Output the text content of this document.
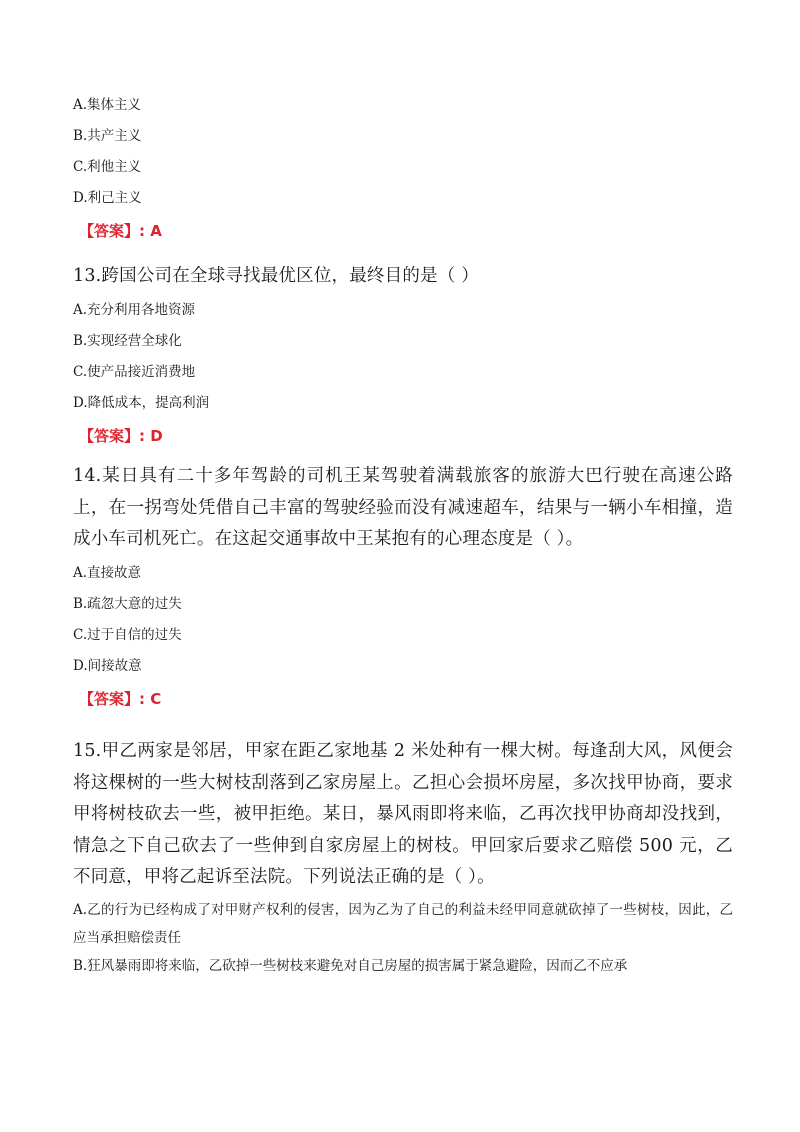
A.集体主义
B.共产主义
C.利他主义
D.利己主义
【答案】: A
13.跨国公司在全球寻找最优区位，最终目的是（ ）
A.充分利用各地资源
B.实现经营全球化
C.使产品接近消费地
D.降低成本，提高利润
【答案】: D
14.某日具有二十多年驾龄的司机王某驾驶着满载旅客的旅游大巴行驶在高速公路上，在一拐弯处凭借自己丰富的驾驶经验而没有减速超车，结果与一辆小车相撞，造成小车司机死亡。在这起交通事故中王某抱有的心理态度是（ ）。
A.直接故意
B.疏忽大意的过失
C.过于自信的过失
D.间接故意
【答案】: C
15.甲乙两家是邻居，甲家在距乙家地基 2 米处种有一棵大树。每逢刮大风，风便会将这棵树的一些大树枝刮落到乙家房屋上。乙担心会损坏房屋，多次找甲协商，要求甲将树枝砍去一些，被甲拒绝。某日，暴风雨即将来临，乙再次找甲协商却没找到，情急之下自己砍去了一些伸到自家房屋上的树枝。甲回家后要求乙赔偿 500 元，乙不同意，甲将乙起诉至法院。下列说法正确的是（ ）。
A.乙的行为已经构成了对甲财产权利的侵害，因为乙为了自己的利益未经甲同意就砍掉了一些树枝，因此，乙应当承担赔偿责任
B.狂风暴雨即将来临，乙砍掉一些树枝来避免对自己房屋的损害属于紧急避险，因而乙不应承
